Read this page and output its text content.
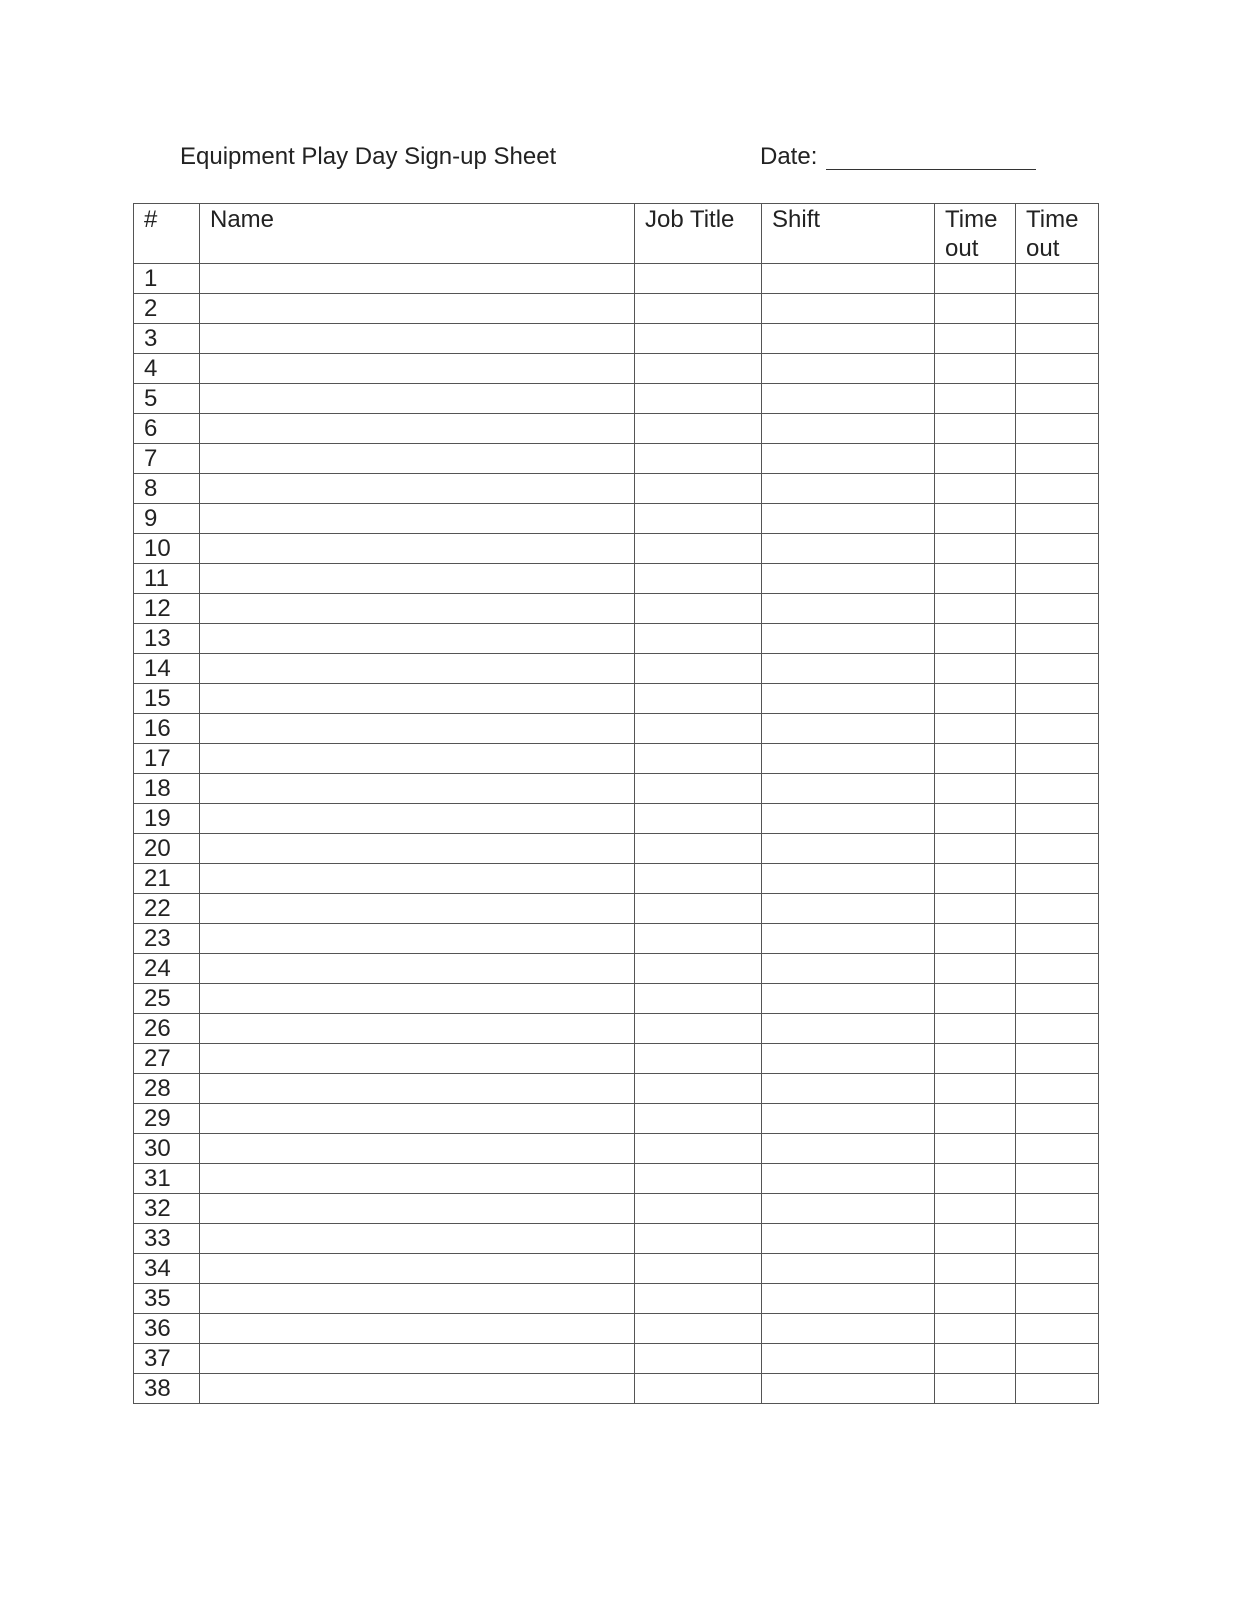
Equipment Play Day Sign-up Sheet	Date:
#	Name	Job Title	Shift	Time out	Time out
1					
2					
3					
4					
5					
6					
7					
8					
9					
10					
11					
12					
13					
14					
15					
16					
17					
18					
19					
20					
21					
22					
23					
24					
25					
26					
27					
28					
29					
30					
31					
32					
33					
34					
35					
36					
37					
38					
